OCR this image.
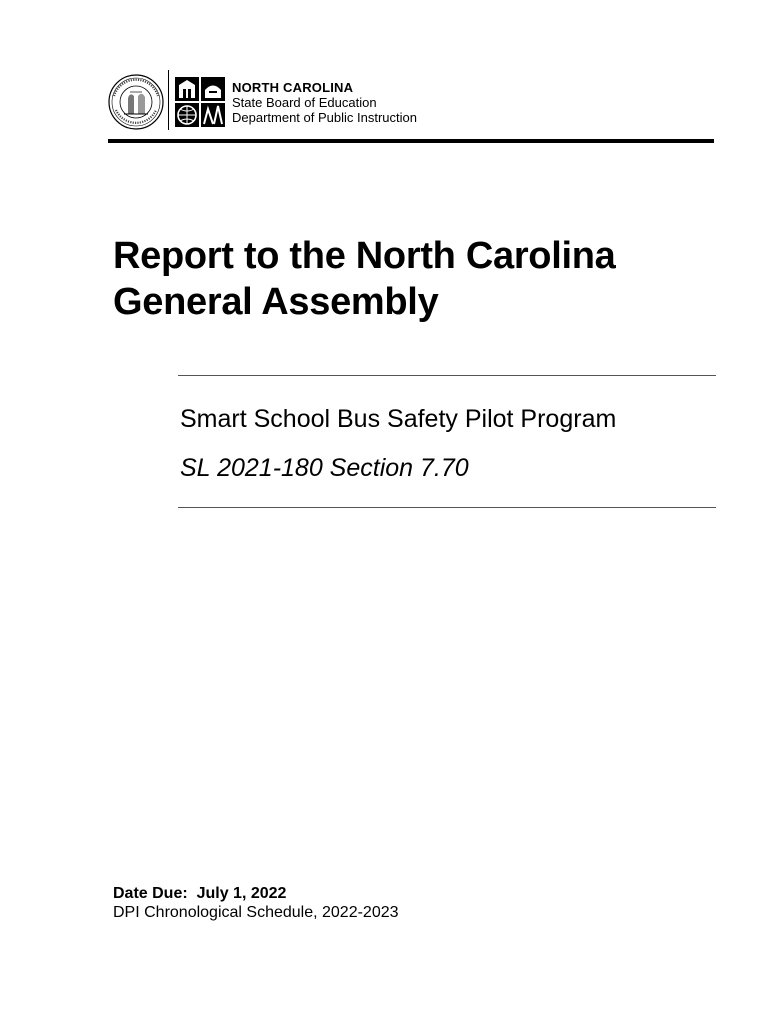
NORTH CAROLINA
State Board of Education
Department of Public Instruction
Report to the North Carolina
General Assembly
Smart School Bus Safety Pilot Program
SL 2021-180 Section 7.70
Date Due: July 1, 2022
DPI Chronological Schedule, 2022-2023
